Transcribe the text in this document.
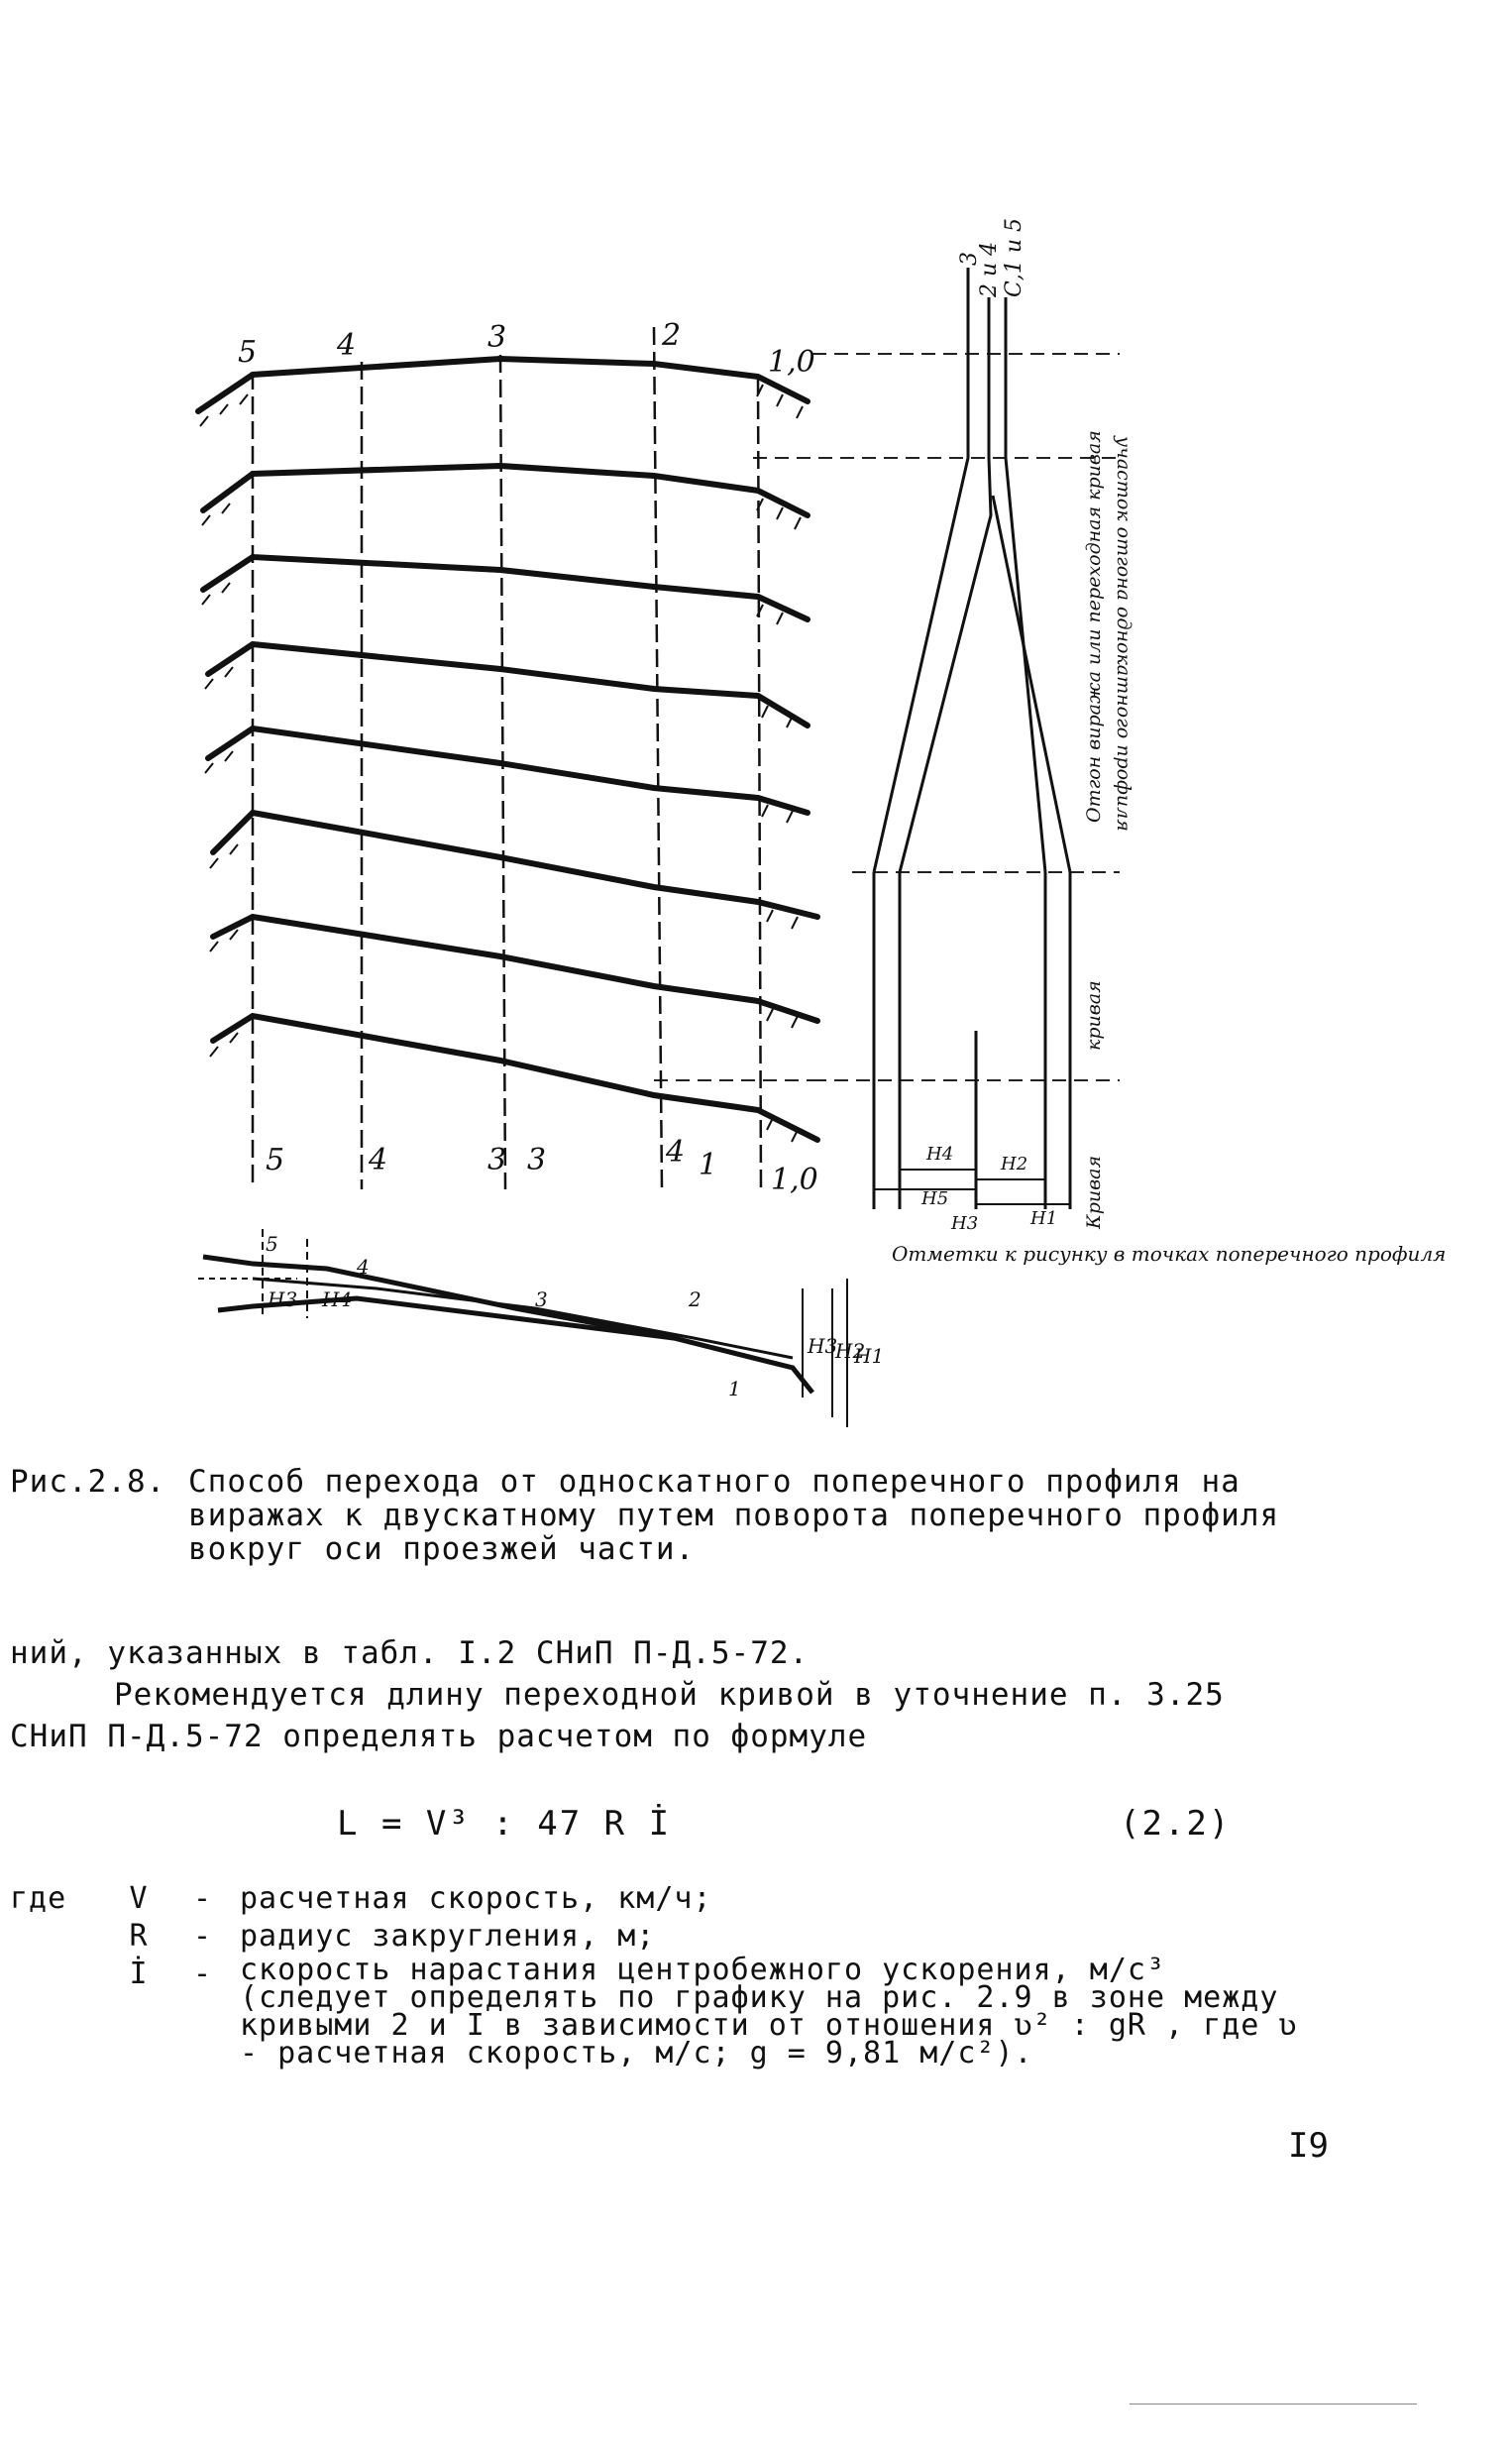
5	4	3	2
1,0
5	4	3 3	4 1 1,0
3
2 и 4 С,1 и 5
участок отгона однокатного профиля
Отгон виража или переходная кривая
кривая
Кривая
Н5
Н4	Н2
Н1
Н3
Отметки к рисунку в точках поперечного профиля
5
4
3	2
1
Н3 Н4
Н3
Н2
Н1
Рис.2.8. Способ перехода от односкатного поперечного профиля на виражах к двускатному путем поворота поперечного профиля вокруг оси проезжей части.
ний, указанных в табл. I.2 СНиП П-Д.5-72.
Рекомендуется длину переходной кривой в уточнение п. 3.25
СНиП П-Д.5-72 определять расчетом по формуле
L = V³ : 47 R İ	(2.2)
где	V	- расчетная скорость, км/ч;
R	- радиус закругления, м;
İ	- скорость нарастания центробежного ускорения, м/с³ (следует определять по графику на рис. 2.9 в зоне между кривыми 2 и I в зависимости от отношения ʋ² : gR , где ʋ - расчетная скорость, м/с; g = 9,81 м/с²).
I9
